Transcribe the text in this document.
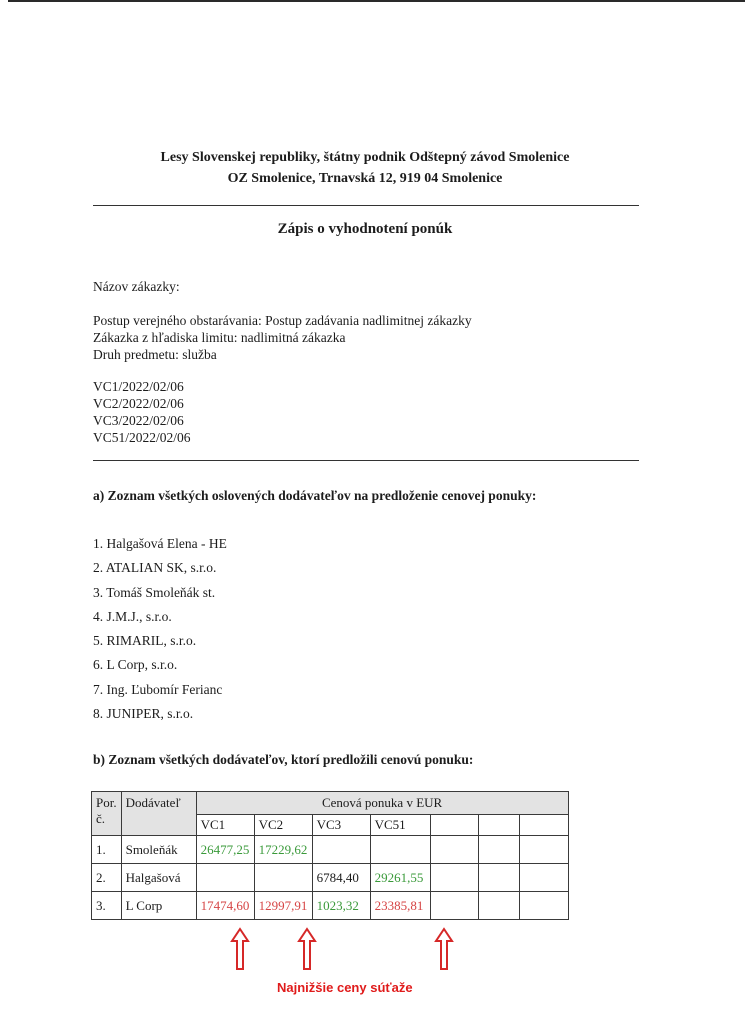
Lesy Slovenskej republiky, štátny podnik Odštepný závod Smolenice
OZ Smolenice, Trnavská 12, 919 04 Smolenice
Zápis o vyhodnotení ponúk
Názov zákazky:
Postup verejného obstarávania: Postup zadávania nadlimitnej zákazky
Zákazka z hľadiska limitu: nadlimitná zákazka
Druh predmetu: služba
VC1/2022/02/06
VC2/2022/02/06
VC3/2022/02/06
VC51/2022/02/06
a) Zoznam všetkých oslovených dodávateľov na predloženie cenovej ponuky:
1. Halgašová Elena - HE
2. ATALIAN SK, s.r.o.
3. Tomáš Smoleňák st.
4. J.M.J., s.r.o.
5. RIMARIL, s.r.o.
6. L Corp, s.r.o.
7. Ing. Ľubomír Ferianc
8. JUNIPER, s.r.o.
b) Zoznam všetkých dodávateľov, ktorí predložili cenovú ponuku:
Por. č.	Dodávateľ	Cenová ponuka v EUR						
		VC1	VC2	VC3	VC51			
1.	Smoleňák	26477,25	17229,62					
2.	Halgašová			6784,40	29261,55			
3.	L Corp	17474,60	12997,91	1023,32	23385,81			
Najnižšie ceny súťaže
